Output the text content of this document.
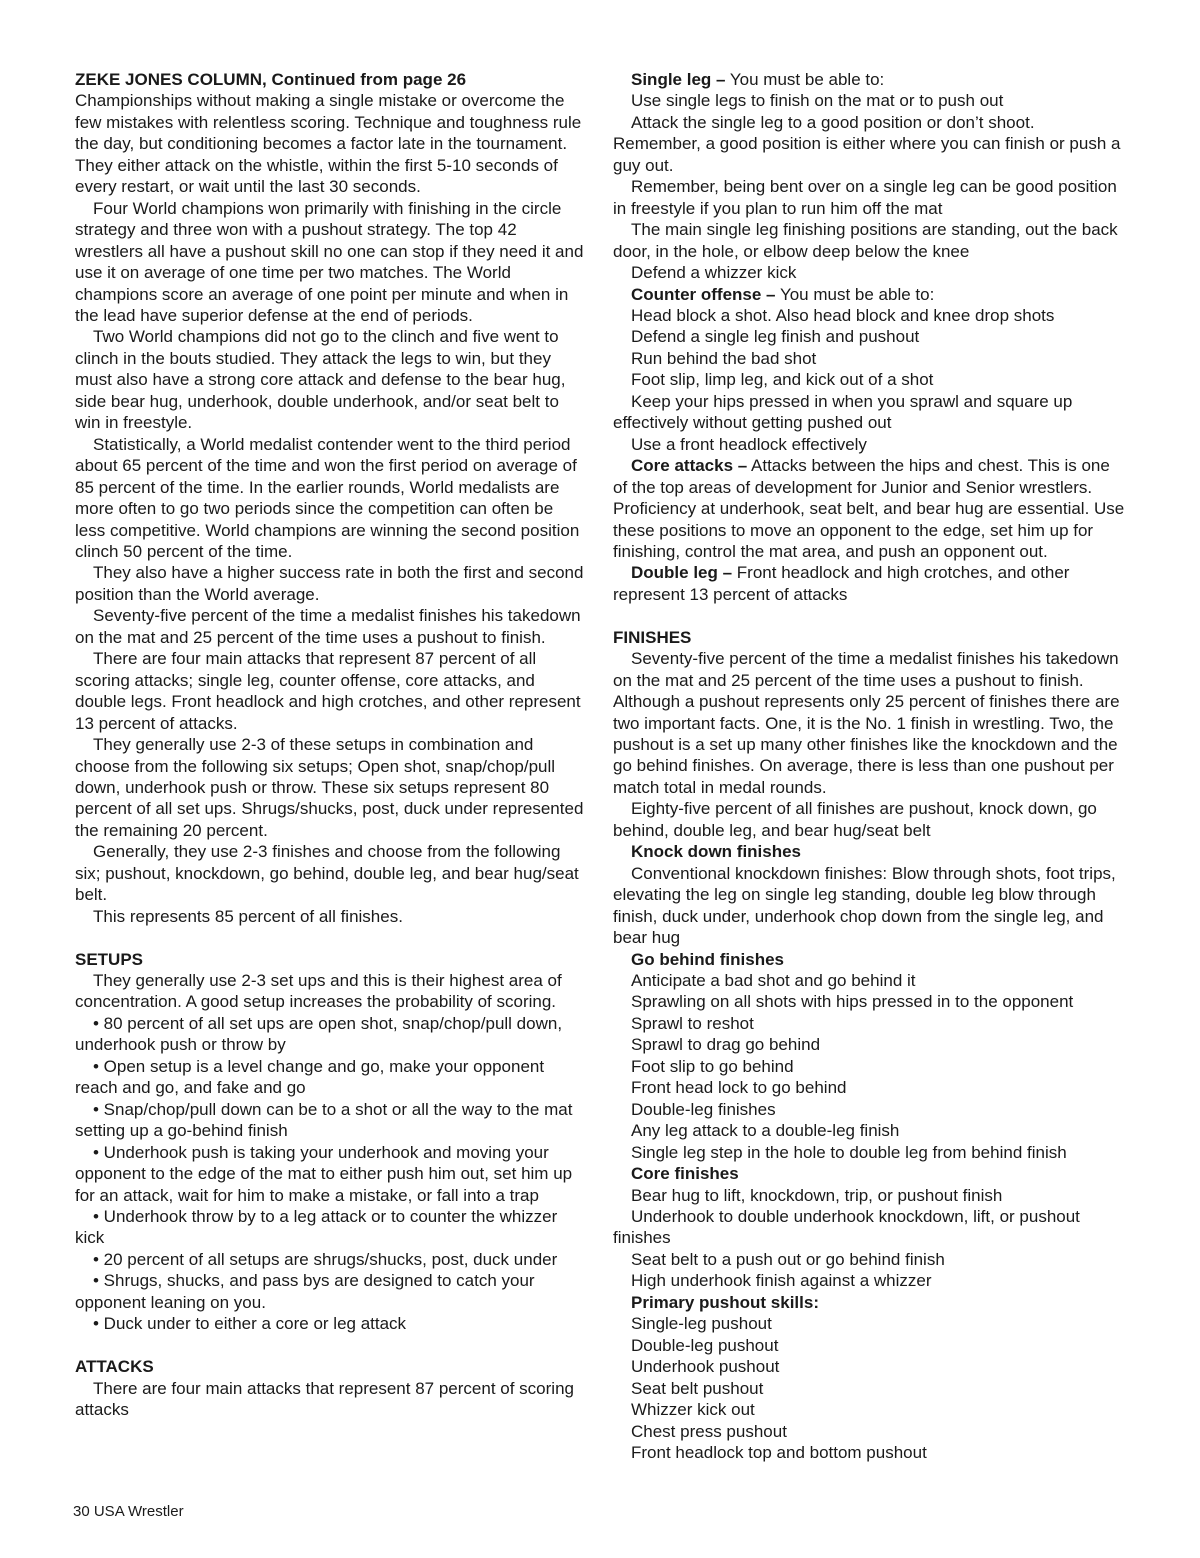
ZEKE JONES COLUMN, Continued from page 26

Championships without making a single mistake or overcome the few mistakes with relentless scoring. Technique and toughness rule the day, but conditioning becomes a factor late in the tournament. They either attack on the whistle, within the first 5-10 seconds of every restart, or wait until the last 30 seconds.

Four World champions won primarily with finishing in the circle strategy and three won with a pushout strategy. The top 42 wrestlers all have a pushout skill no one can stop if they need it and use it on average of one time per two matches. The World champions score an average of one point per minute and when in the lead have superior defense at the end of periods.

Two World champions did not go to the clinch and five went to clinch in the bouts studied. They attack the legs to win, but they must also have a strong core attack and defense to the bear hug, side bear hug, underhook, double underhook, and/or seat belt to win in freestyle.

Statistically, a World medalist contender went to the third period about 65 percent of the time and won the first period on average of 85 percent of the time. In the earlier rounds, World medalists are more often to go two periods since the competition can often be less competitive. World champions are winning the second position clinch 50 percent of the time.

They also have a higher success rate in both the first and second position than the World average.

Seventy-five percent of the time a medalist finishes his takedown on the mat and 25 percent of the time uses a pushout to finish.

There are four main attacks that represent 87 percent of all scoring attacks; single leg, counter offense, core attacks, and double legs. Front headlock and high crotches, and other represent 13 percent of attacks.

They generally use 2-3 of these setups in combination and choose from the following six setups; Open shot, snap/chop/pull down, underhook push or throw. These six setups represent 80 percent of all set ups. Shrugs/shucks, post, duck under represented the remaining 20 percent.

Generally, they use 2-3 finishes and choose from the following six; pushout, knockdown, go behind, double leg, and bear hug/seat belt.

This represents 85 percent of all finishes.

SETUPS

They generally use 2-3 set ups and this is their highest area of concentration. A good setup increases the probability of scoring.

• 80 percent of all set ups are open shot, snap/chop/pull down, underhook push or throw by

• Open setup is a level change and go, make your opponent reach and go, and fake and go

• Snap/chop/pull down can be to a shot or all the way to the mat setting up a go-behind finish

• Underhook push is taking your underhook and moving your opponent to the edge of the mat to either push him out, set him up for an attack, wait for him to make a mistake, or fall into a trap

• Underhook throw by to a leg attack or to counter the whizzer kick

• 20 percent of all setups are shrugs/shucks, post, duck under

• Shrugs, shucks, and pass bys are designed to catch your opponent leaning on you.

• Duck under to either a core or leg attack

ATTACKS

There are four main attacks that represent 87 percent of scoring attacks

Single leg – You must be able to:

Use single legs to finish on the mat or to push out

Attack the single leg to a good position or don’t shoot. Remember, a good position is either where you can finish or push a guy out.

Remember, being bent over on a single leg can be good position in freestyle if you plan to run him off the mat

The main single leg finishing positions are standing, out the back door, in the hole, or elbow deep below the knee

Defend a whizzer kick

Counter offense – You must be able to:

Head block a shot. Also head block and knee drop shots

Defend a single leg finish and pushout

Run behind the bad shot

Foot slip, limp leg, and kick out of a shot

Keep your hips pressed in when you sprawl and square up effectively without getting pushed out

Use a front headlock effectively

Core attacks – Attacks between the hips and chest. This is one of the top areas of development for Junior and Senior wrestlers. Proficiency at underhook, seat belt, and bear hug are essential. Use these positions to move an opponent to the edge, set him up for finishing, control the mat area, and push an opponent out.

Double leg – Front headlock and high crotches, and other represent 13 percent of attacks

FINISHES

Seventy-five percent of the time a medalist finishes his takedown on the mat and 25 percent of the time uses a pushout to finish. Although a pushout represents only 25 percent of finishes there are two important facts. One, it is the No. 1 finish in wrestling. Two, the pushout is a set up many other finishes like the knockdown and the go behind finishes. On average, there is less than one pushout per match total in medal rounds.

Eighty-five percent of all finishes are pushout, knock down, go behind, double leg, and bear hug/seat belt

Knock down finishes

Conventional knockdown finishes: Blow through shots, foot trips, elevating the leg on single leg standing, double leg blow through finish, duck under, underhook chop down from the single leg, and bear hug

Go behind finishes

Anticipate a bad shot and go behind it

Sprawling on all shots with hips pressed in to the opponent

Sprawl to reshot

Sprawl to drag go behind

Foot slip to go behind

Front head lock to go behind

Double-leg finishes

Any leg attack to a double-leg finish

Single leg step in the hole to double leg from behind finish

Core finishes

Bear hug to lift, knockdown, trip, or pushout finish

Underhook to double underhook knockdown, lift, or pushout finishes

Seat belt to a push out or go behind finish

High underhook finish against a whizzer

Primary pushout skills:

Single-leg pushout

Double-leg pushout

Underhook pushout

Seat belt pushout

Whizzer kick out

Chest press pushout

Front headlock top and bottom pushout

30 USA Wrestler
